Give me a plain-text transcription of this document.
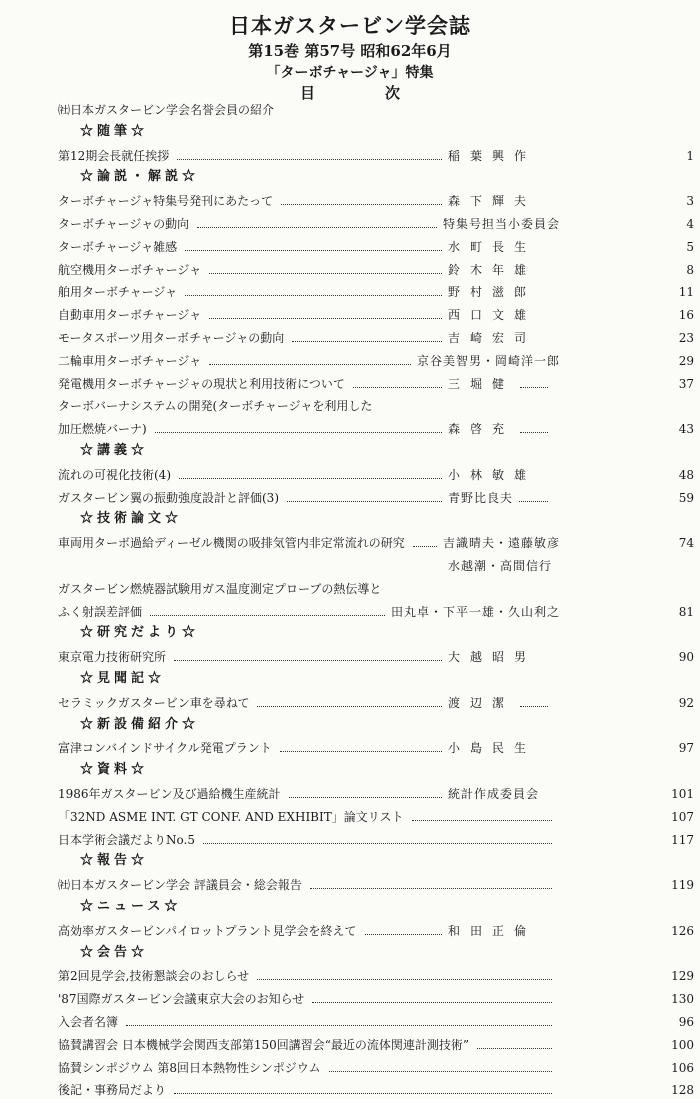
日本ガスタービン学会誌
第15巻 第57号 昭和62年6月
「ターボチャージャ」特集
目次
㈳日本ガスタービン学会名誉会員の紹介
☆随筆☆
第12期会長就任挨拶	稲葉興作	1
☆論説・解説☆
ターボチャージャ特集号発刊にあたって	森下輝夫	3
ターボチャージャの動向	特集号担当小委員会	4
ターボチャージャ雑感	水町長生	5
航空機用ターボチャージャ	鈴木年雄	8
舶用ターボチャージャ	野村滋郎	11
自動車用ターボチャージャ	西口文雄	16
モータスポーツ用ターボチャージャの動向	吉崎宏司	23
二輪車用ターボチャージャ	京谷美智男・岡崎洋一郎	29
発電機用ターボチャージャの現状と利用技術について	三堀健	37
ターボバーナシステムの開発(ターボチャージャを利用した
加圧燃焼バーナ)	森啓充	43
☆講義☆
流れの可視化技術(4)	小林敏雄	48
ガスタービン翼の振動強度設計と評価(3)	青野比良夫	59
☆技術論文☆
車両用ターボ過給ディーゼル機関の吸排気管内非定常流れの研究	吉識晴夫・遠藤敏彦	74
水越潮・高間信行
ガスタービン燃焼器試験用ガス温度測定プローブの熱伝導と
ふく射誤差評価	田丸卓・下平一雄・久山利之	81
☆研究だより☆
東京電力技術研究所	大越昭男	90
☆見聞記☆
セラミックガスタービン車を尋ねて	渡辺潔	92
☆新設備紹介☆
富津コンバインドサイクル発電プラント	小島民生	97
☆資料☆
1986年ガスタービン及び過給機生産統計	統計作成委員会	101
「32ND ASME INT. GT CONF. AND EXHIBIT」論文リスト	107
日本学術会議だよりNo.5	117
☆報告☆
㈳日本ガスタービン学会 評議員会・総会報告	119
☆ニュース☆
高効率ガスタービンパイロットプラント見学会を終えて	和田正倫	126
☆会告☆
第2回見学会,技術懇談会のおしらせ	129
'87国際ガスタービン会議東京大会のお知らせ	130
入会者名簿	96
協賛講習会 日本機械学会関西支部第150回講習会“最近の流体関連計測技術”	100
協賛シンポジウム 第8回日本熱物性シンポジウム	106
後記・事務局だより	128
